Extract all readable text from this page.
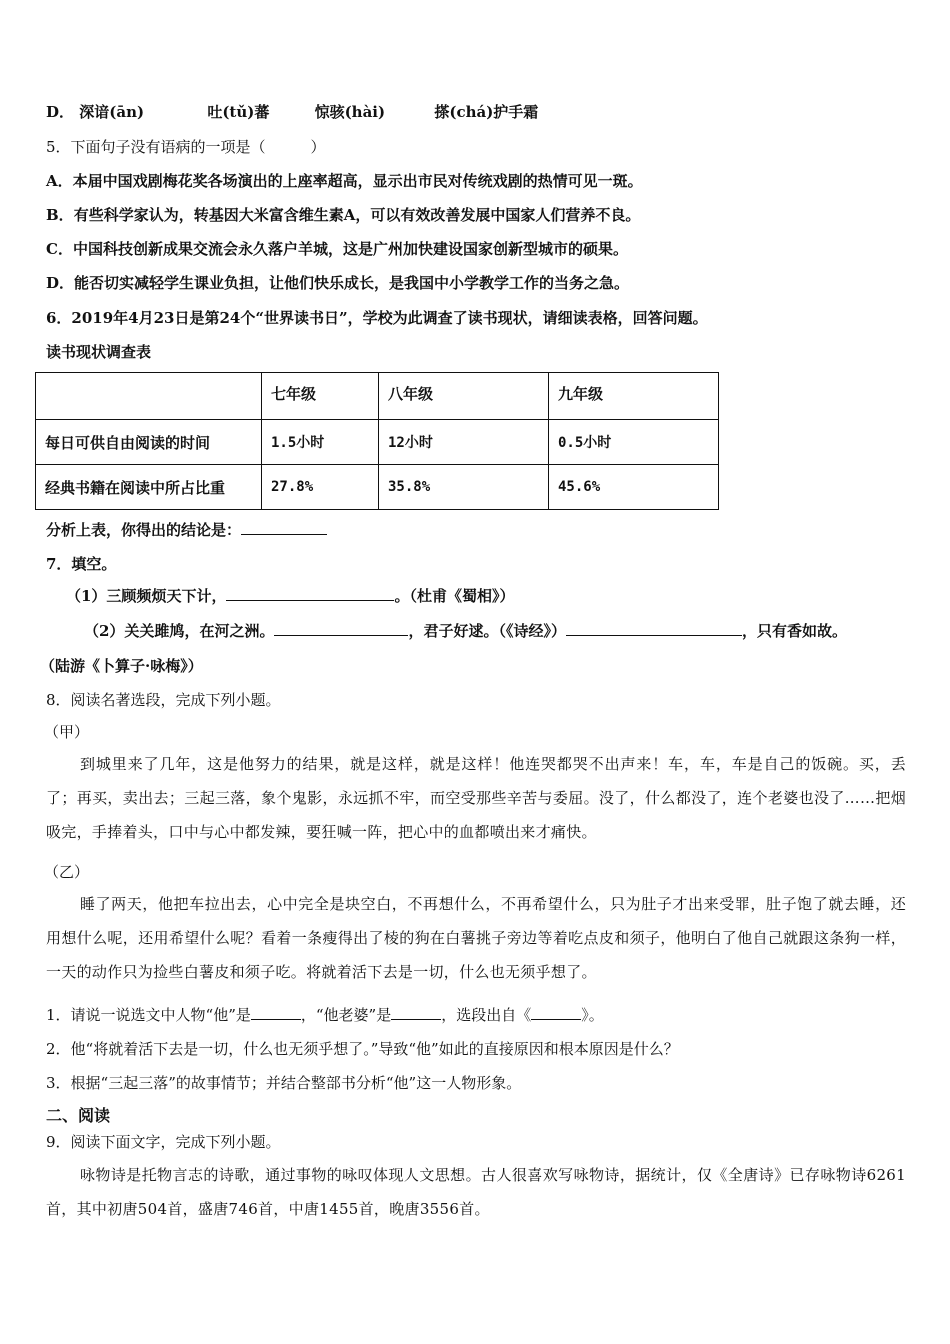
D． 深谙(ān)	吐(tǔ)蕃	惊骇(hài)	搽(chá)护手霜
5．下面句子没有语病的一项是（　　　）
A．本届中国戏剧梅花奖各场演出的上座率超高，显示出市民对传统戏剧的热情可见一斑。
B．有些科学家认为，转基因大米富含维生素A，可以有效改善发展中国家人们营养不良。
C．中国科技创新成果交流会永久落户羊城，这是广州加快建设国家创新型城市的硕果。
D．能否切实减轻学生课业负担，让他们快乐成长，是我国中小学教学工作的当务之急。
6．2019年4月23日是第24个“世界读书日”，学校为此调查了读书现状，请细读表格，回答问题。
读书现状调查表
	七年级	八年级	九年级
每日可供自由阅读的时间	1.5小时	12小时	0.5小时
经典书籍在阅读中所占比重	27.8%	35.8%	45.6%
分析上表，你得出的结论是：
7．填空。
（1）三顾频烦天下计，	。（杜甫《蜀相》）
（2）关关雎鸠，在河之洲。	，君子好逑。（《诗经》）	，只有香如故。
（陆游《卜算子·咏梅》）
8．阅读名著选段，完成下列小题。
（甲）
到城里来了几年，这是他努力的结果，就是这样，就是这样！他连哭都哭不出声来！车，车，车是自己的饭碗。买，丢了；再买，卖出去；三起三落，象个鬼影，永远抓不牢，而空受那些辛苦与委屈。没了，什么都没了，连个老婆也没了……把烟吸完，手捧着头，口中与心中都发辣，要狂喊一阵，把心中的血都喷出来才痛快。
（乙）
睡了两天，他把车拉出去，心中完全是块空白，不再想什么，不再希望什么，只为肚子才出来受罪，肚子饱了就去睡，还用想什么呢，还用希望什么呢？看着一条瘦得出了棱的狗在白薯挑子旁边等着吃点皮和须子，他明白了他自己就跟这条狗一样，一天的动作只为捡些白薯皮和须子吃。将就着活下去是一切，什么也无须乎想了。
1．请说一说选文中人物“他”是	，“他老婆”是	，选段出自《	》。
2．他“将就着活下去是一切，什么也无须乎想了。”导致“他”如此的直接原因和根本原因是什么？
3．根据“三起三落”的故事情节；并结合整部书分析“他”这一人物形象。
二、阅读
9．阅读下面文字，完成下列小题。
咏物诗是托物言志的诗歌，通过事物的咏叹体现人文思想。古人很喜欢写咏物诗，据统计，仅《全唐诗》已存咏物诗6261首，其中初唐504首，盛唐746首，中唐1455首，晚唐3556首。
